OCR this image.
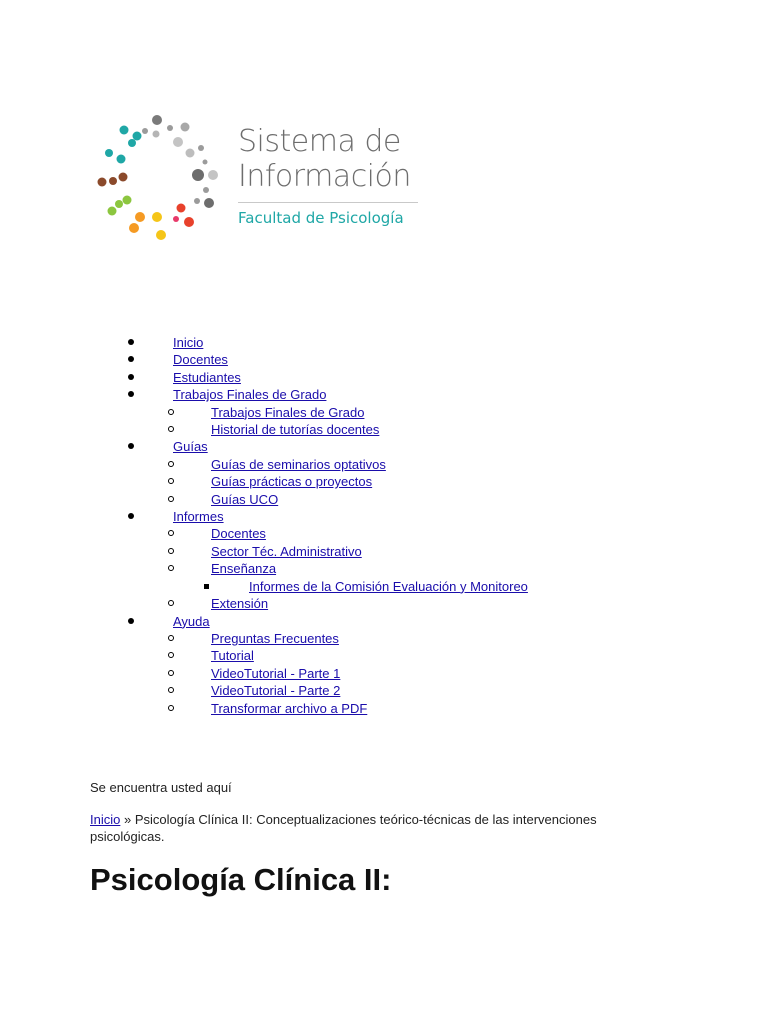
Sistema de
Información
Facultad de Psicología
Inicio
Docentes
Estudiantes
Trabajos Finales de Grado
Trabajos Finales de Grado
Historial de tutorías docentes
Guías
Guías de seminarios optativos
Guías prácticas o proyectos
Guías UCO
Informes
Docentes
Sector Téc. Administrativo
Enseñanza
Informes de la Comisión Evaluación y Monitoreo
Extensión
Ayuda
Preguntas Frecuentes
Tutorial
VideoTutorial - Parte 1
VideoTutorial - Parte 2
Transformar archivo a PDF
Se encuentra usted aquí
Inicio » Psicología Clínica II: Conceptualizaciones teórico-técnicas de las intervenciones psicológicas.
Psicología Clínica II:
